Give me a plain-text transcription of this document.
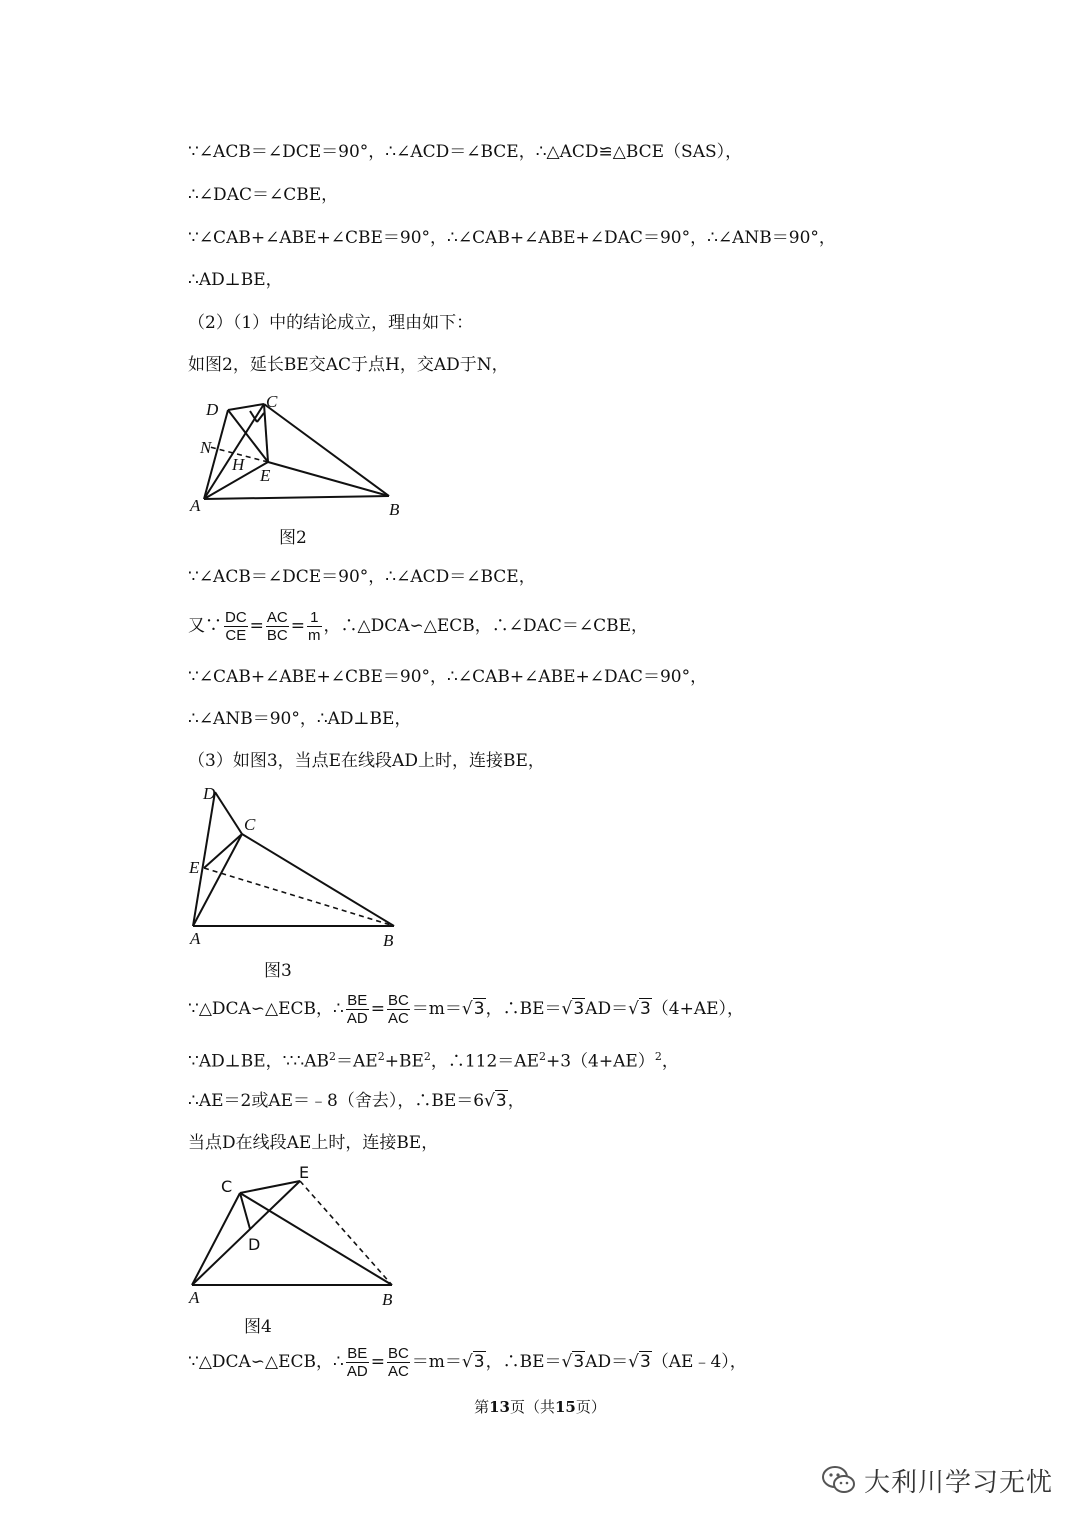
∵∠ACB＝∠DCE＝90°，∴∠ACD＝∠BCE，∴△ACD≌△BCE（SAS），
∴∠DAC＝∠CBE，
∵∠CAB+∠ABE+∠CBE＝90°，∴∠CAB+∠ABE+∠DAC＝90°，∴∠ANB＝90°，
∴AD⊥BE，
（2）（1）中的结论成立，理由如下：
如图2，延长BE交AC于点H，交AD于N，
D	C
N
H
E
A	B
图2
∵∠ACB＝∠DCE＝90°，∴∠ACD＝∠BCE，
又∵ $\frac{DC}{CE} = \frac{AC}{BC} = \frac{1}{m}$ ，∴△DCA∽△ECB，∴∠DAC＝∠CBE，
∵∠CAB+∠ABE+∠CBE＝90°，∴∠CAB+∠ABE+∠DAC＝90°，
∴∠ANB＝90°，∴AD⊥BE，
（3）如图3，当点E在线段AD上时，连接BE，
D
C
E
A	B
图3
∵△DCA∽△ECB，∴ $\frac{BE}{AD} = \frac{BC}{AC} =m=√3$，∴BE＝√3AD＝√3（4+AE），
∵AD⊥BE，$\because\therefore AB^2=AE^2+BE^2$，$\therefore 112=AE^2+3(4+AE)^2$，
∴AE＝2或AE＝﹣8（舍去），∴BE＝6√3，
当点D在线段AE上时，连接BE，
C
E
D
A	B
图4
∵△DCA∽△ECB，∴ $\frac{BE}{AD} = \frac{BC}{AC} =m=√3$，∴BE＝√3AD＝√3（AE﹣4），
第13页（共15页）
大利川学习无忧
